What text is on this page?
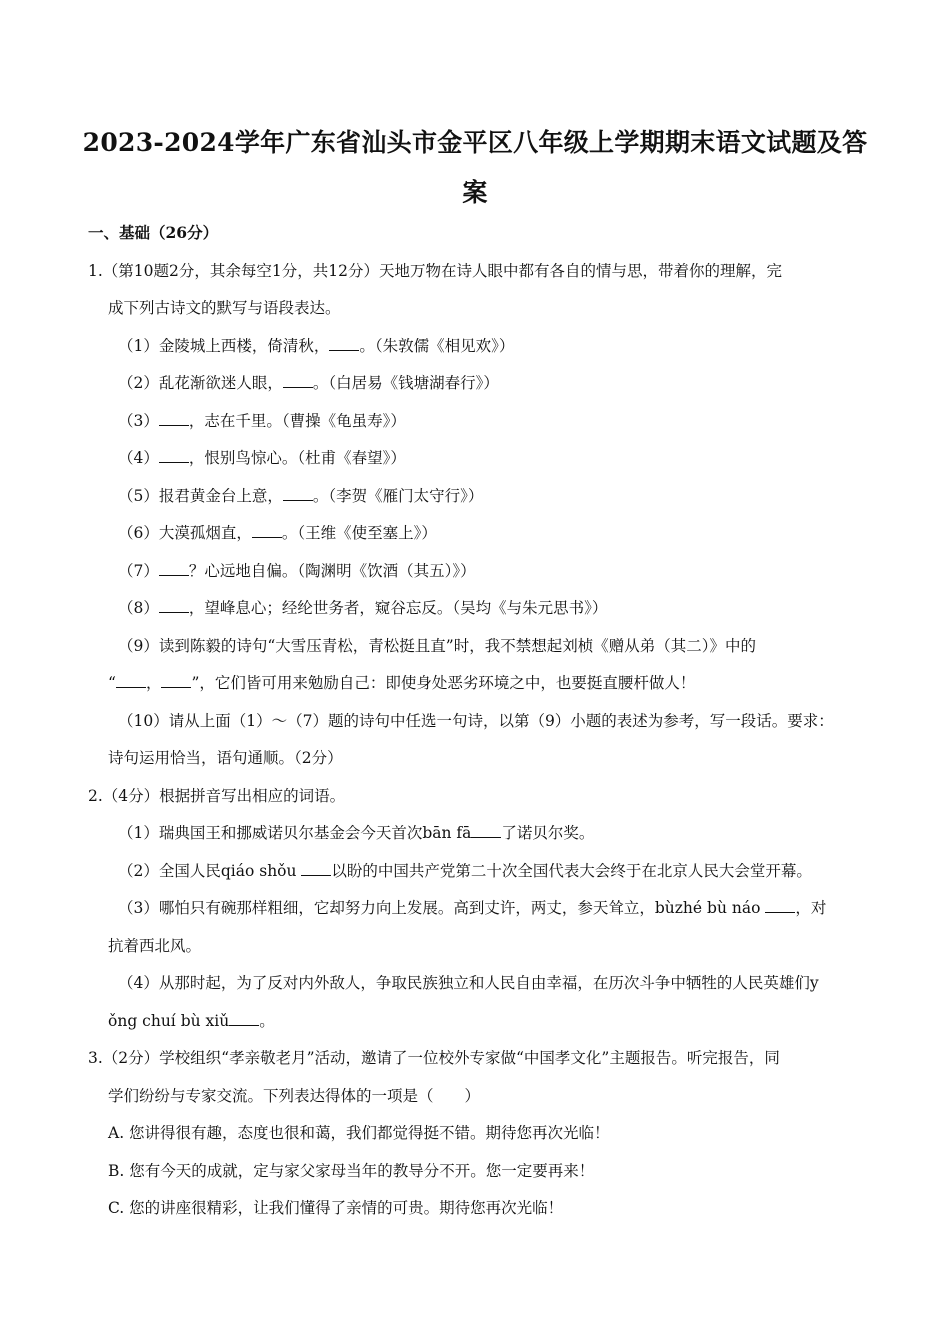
2023-2024学年广东省汕头市金平区八年级上学期期末语文试题及答
案
一、基础（26分）
1.（第10题2分，其余每空1分，共12分）天地万物在诗人眼中都有各自的情与思，带着你的理解，完
成下列古诗文的默写与语段表达。
（1）金陵城上西楼，倚清秋， 。（朱敦儒《相见欢》）
（2）乱花渐欲迷人眼， 。（白居易《钱塘湖春行》）
（3） ，志在千里。（曹操《龟虽寿》）
（4） ，恨别鸟惊心。（杜甫《春望》）
（5）报君黄金台上意， 。（李贺《雁门太守行》）
（6）大漠孤烟直， 。（王维《使至塞上》）
（7） ？心远地自偏。（陶渊明《饮酒（其五）》）
（8） ，望峰息心；经纶世务者，窥谷忘反。（吴均《与朱元思书》）
（9）读到陈毅的诗句“大雪压青松，青松挺且直”时，我不禁想起刘桢《赠从弟（其二）》中的
“ ， ”，它们皆可用来勉励自己：即使身处恶劣环境之中，也要挺直腰杆做人！
（10）请从上面（1）～（7）题的诗句中任选一句诗，以第（9）小题的表述为参考，写一段话。要求：
诗句运用恰当，语句通顺。（2分）
2.（4分）根据拼音写出相应的词语。
（1）瑞典国王和挪威诺贝尔基金会今天首次bān fā 了诺贝尔奖。
（2）全国人民qiáo shǒu 以盼的中国共产党第二十次全国代表大会终于在北京人民大会堂开幕。
（3）哪怕只有碗那样粗细，它却努力向上发展。高到丈许，两丈，参天耸立，bùzhé bù náo ，对
抗着西北风。
（4）从那时起，为了反对内外敌人，争取民族独立和人民自由幸福，在历次斗争中牺牲的人民英雄们y
ǒng chuí bù xiǔ 。
3.（2分）学校组织“孝亲敬老月”活动，邀请了一位校外专家做“中国孝文化”主题报告。听完报告，同
学们纷纷与专家交流。下列表达得体的一项是（　　）
A. 您讲得很有趣，态度也很和蔼，我们都觉得挺不错。期待您再次光临！
B. 您有今天的成就，定与家父家母当年的教导分不开。您一定要再来！
C. 您的讲座很精彩，让我们懂得了亲情的可贵。期待您再次光临！
